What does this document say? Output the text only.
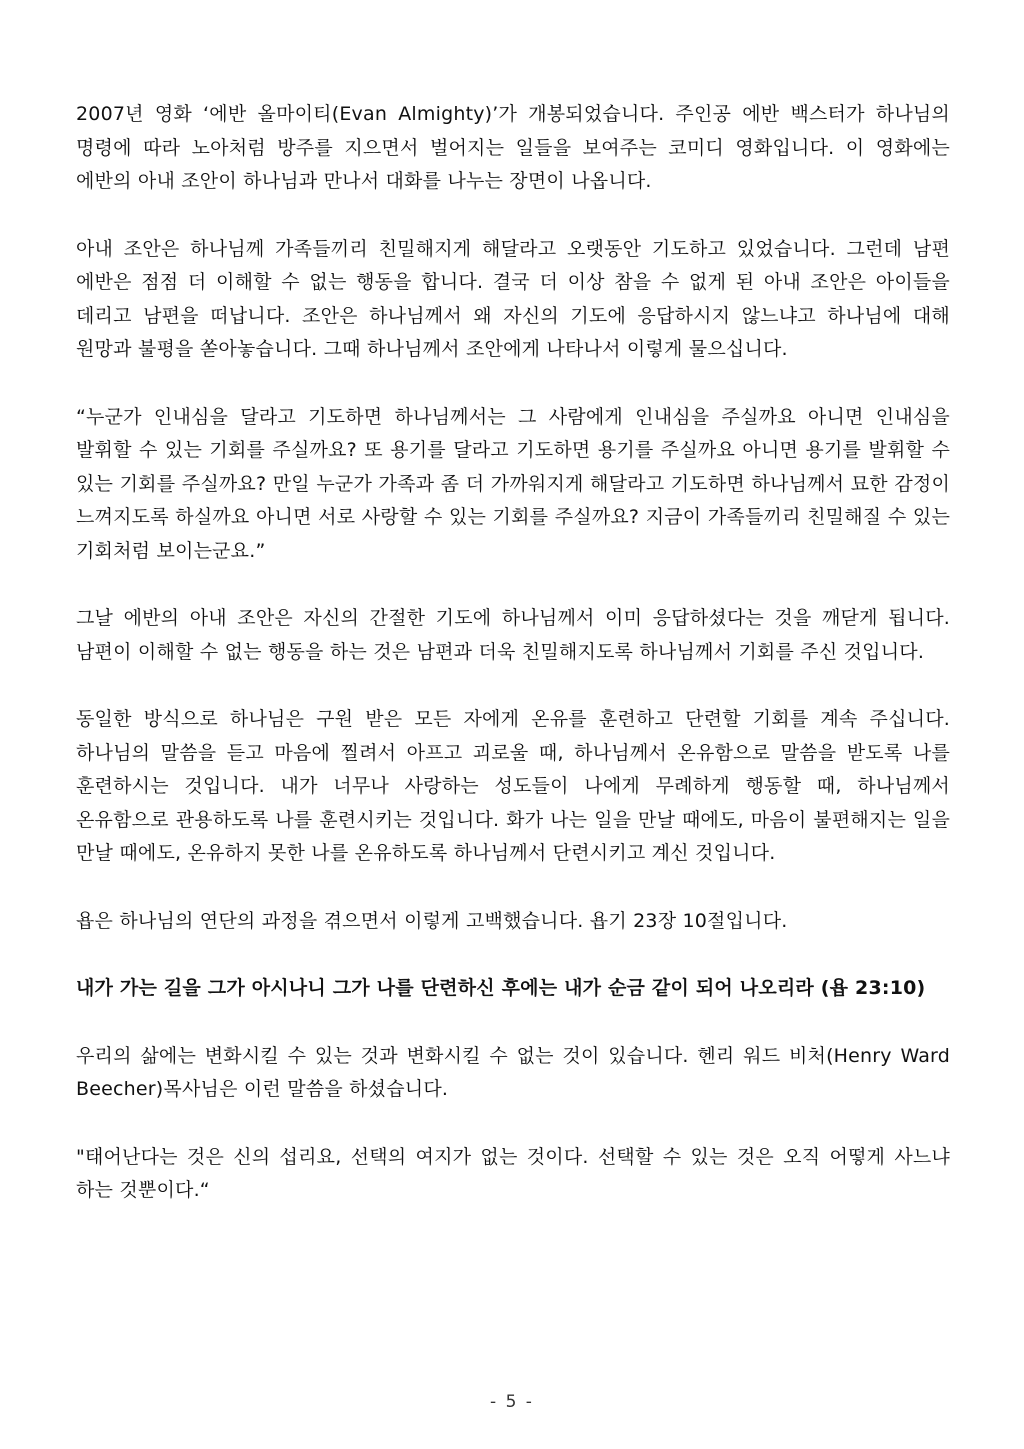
2007년 영화 ‘에반 올마이티(Evan Almighty)’가 개봉되었습니다. 주인공 에반 백스터가 하나님의 명령에 따라 노아처럼 방주를 지으면서 벌어지는 일들을 보여주는 코미디 영화입니다. 이 영화에는 에반의 아내 조안이 하나님과 만나서 대화를 나누는 장면이 나옵니다.

아내 조안은 하나님께 가족들끼리 친밀해지게 해달라고 오랫동안 기도하고 있었습니다. 그런데 남편 에반은 점점 더 이해할 수 없는 행동을 합니다. 결국 더 이상 참을 수 없게 된 아내 조안은 아이들을 데리고 남편을 떠납니다. 조안은 하나님께서 왜 자신의 기도에 응답하시지 않느냐고 하나님에 대해 원망과 불평을 쏟아놓습니다. 그때 하나님께서 조안에게 나타나서 이렇게 물으십니다.

“누군가 인내심을 달라고 기도하면 하나님께서는 그 사람에게 인내심을 주실까요 아니면 인내심을 발휘할 수 있는 기회를 주실까요? 또 용기를 달라고 기도하면 용기를 주실까요 아니면 용기를 발휘할 수 있는 기회를 주실까요? 만일 누군가 가족과 좀 더 가까워지게 해달라고 기도하면 하나님께서 묘한 감정이 느껴지도록 하실까요 아니면 서로 사랑할 수 있는 기회를 주실까요? 지금이 가족들끼리 친밀해질 수 있는 기회처럼 보이는군요.”

그날 에반의 아내 조안은 자신의 간절한 기도에 하나님께서 이미 응답하셨다는 것을 깨닫게 됩니다. 남편이 이해할 수 없는 행동을 하는 것은 남편과 더욱 친밀해지도록 하나님께서 기회를 주신 것입니다.

동일한 방식으로 하나님은 구원 받은 모든 자에게 온유를 훈련하고 단련할 기회를 계속 주십니다. 하나님의 말씀을 듣고 마음에 찔려서 아프고 괴로울 때, 하나님께서 온유함으로 말씀을 받도록 나를 훈련하시는 것입니다. 내가 너무나 사랑하는 성도들이 나에게 무례하게 행동할 때, 하나님께서 온유함으로 관용하도록 나를 훈련시키는 것입니다. 화가 나는 일을 만날 때에도, 마음이 불편해지는 일을 만날 때에도, 온유하지 못한 나를 온유하도록 하나님께서 단련시키고 계신 것입니다.

욥은 하나님의 연단의 과정을 겪으면서 이렇게 고백했습니다. 욥기 23장 10절입니다.

내가 가는 길을 그가 아시나니 그가 나를 단련하신 후에는 내가 순금 같이 되어 나오리라 (욥 23:10)

우리의 삶에는 변화시킬 수 있는 것과 변화시킬 수 없는 것이 있습니다. 헨리 워드 비처(Henry Ward Beecher)목사님은 이런 말씀을 하셨습니다.

"태어난다는 것은 신의 섭리요, 선택의 여지가 없는 것이다. 선택할 수 있는 것은 오직 어떻게 사느냐 하는 것뿐이다.“

- 5 -
